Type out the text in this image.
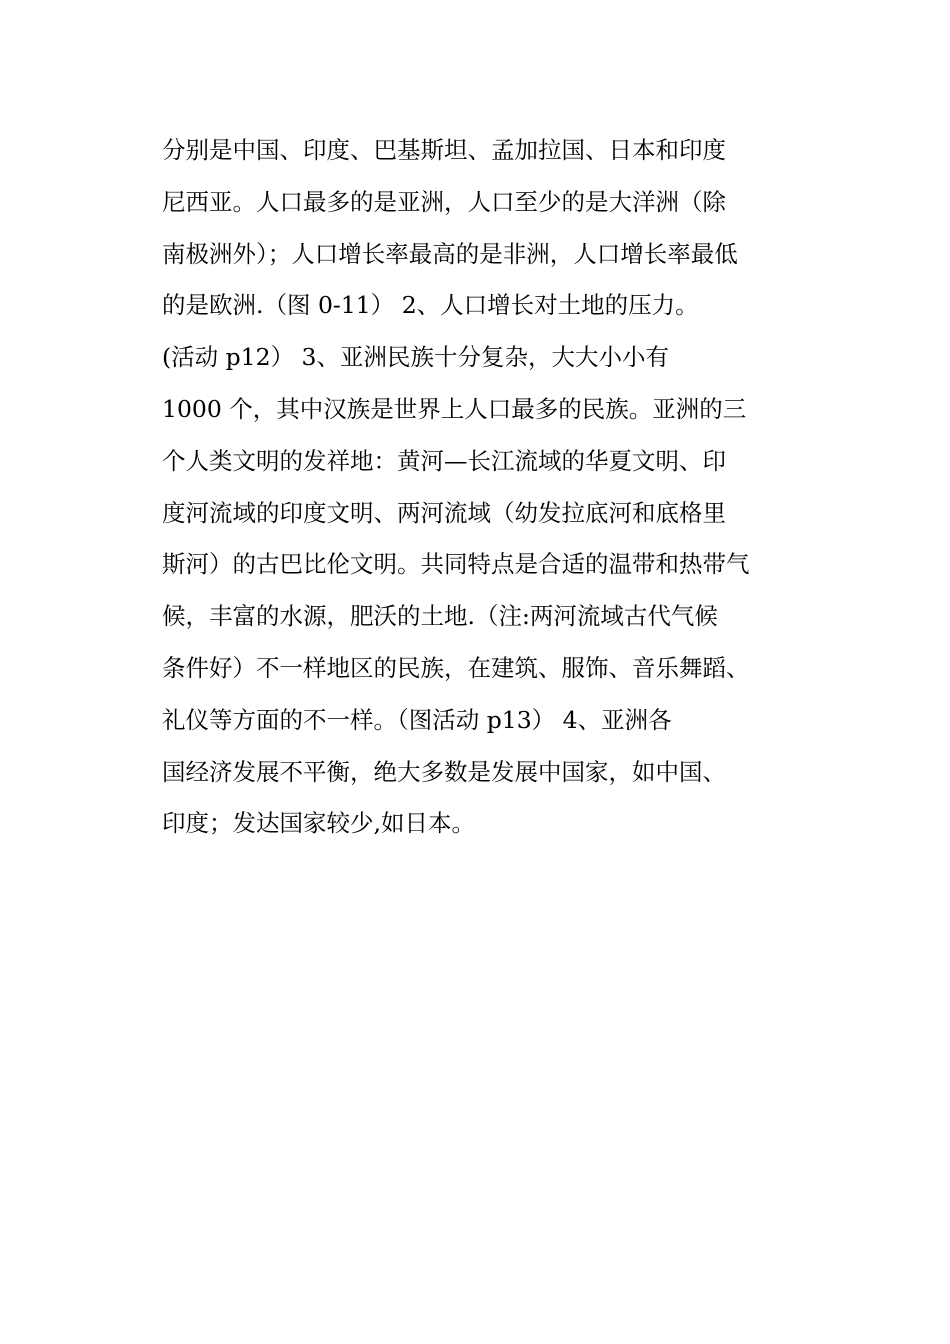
分别是中国、印度、巴基斯坦、孟加拉国、日本和印度
尼西亚。人口最多的是亚洲，人口至少的是大洋洲（除
南极洲外）；人口增长率最高的是非洲，人口增长率最低
的是欧洲.（图 0-11） 2、人口增长对土地的压力。
(活动 p12） 3、亚洲民族十分复杂，大大小小有
1000 个，其中汉族是世界上人口最多的民族。亚洲的三
个人类文明的发祥地：黄河—长江流域的华夏文明、印
度河流域的印度文明、两河流域（幼发拉底河和底格里
斯河）的古巴比伦文明。共同特点是合适的温带和热带气
候，丰富的水源，肥沃的土地.（注:两河流域古代气候
条件好）不一样地区的民族，在建筑、服饰、音乐舞蹈、
礼仪等方面的不一样。（图活动 p13） 4、亚洲各
国经济发展不平衡，绝大多数是发展中国家，如中国、
印度；发达国家较少,如日本。
